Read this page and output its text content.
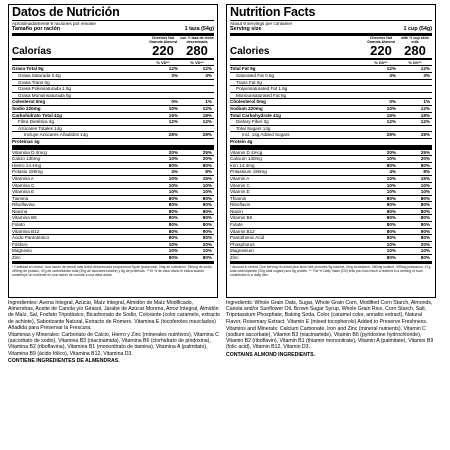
Datos de Nutrición
Aproximadamente 9 raciones por envase
Tamaño por ración	1 taza (54g)
Cheerios Nut Granola Almond
con ½ taza de leche descremada
Calorías	220 280
% VD**	% VD**
Grasa Total 9g	12%	12%
Grasa Saturada 0.5g	3%	3%
Grasa Trans 0g
Grasa Poliinsaturada 1.5g
Grasa Monoinsaturada 5g
Colesterol 0mg	0%	1%
Sodio 220mg	10%	12%
Carbohidrato Total 41g	15%	18%
Fibra Dietética 3g	12%	12%
Azúcares Totales 14g
Incluye Azúcares Añadidos 14g	28%	28%
Proteínas 4g
Vitamina D 4mcg	20%	25%
Calcio 130mg	10%	20%
Hierro 14.4mg	80%	80%
Potasio 190mg	4%	8%
Vitamina A	10%	15%
Vitamina C	10%	10%
Vitamina E	10%	10%
Tiamina	80%	80%
Riboflavina	80%	80%
Niacina	80%	80%
Vitamina B6	80%	80%
Folato	80%	80%
Vitamina B12	80%	90%
Ácido Pantoténico	80%	80%
Fósforo	10%	20%
Magnesio	10%	10%
Zinc	80%	80%
* Cantidad en cereal. Una ración de cereal más leche descremada proporciona 9g de grasa total, 0mg de colesterol, 280mg de sodio, 490mg de potasio, 47g de carbohidrato total (20g de azúcares totales) y 8g de proteínas. ** El % de valor diario le indica cuánto contribuye un nutriente en una ración de comida a una dieta diaria.
Nutrition Facts
About 9 servings per container
Serving size	1 cup (54g)
Cheerios Nut Granola Almond
with ½ cup skim milk
Calories	220 280
% DV**	% DV**
Total Fat 9g	12%	12%
Saturated Fat 0.5g	3%	3%
Trans Fat 0g
Polyunsaturated Fat 1.5g
Monounsaturated Fat 5g
Cholesterol 0mg	0%	1%
Sodium 220mg	10%	12%
Total Carbohydrate 41g	15%	18%
Dietary Fiber 3g	12%	12%
Total Sugars 14g
Incl. 14g Added Sugars	28%	28%
Protein 4g
Vitamin D 4mcg	20%	25%
Calcium 130mg	10%	20%
Iron 14.4mg	80%	80%
Potassium 190mg	4%	8%
Vitamin A	10%	15%
Vitamin C	10%	10%
Vitamin E	10%	10%
Thiamin	80%	80%
Riboflavin	80%	80%
Niacin	80%	80%
Vitamin B6	80%	80%
Folate	80%	80%
Vitamin B12	80%	90%
Pantothenic Acid	80%	80%
Phosphorus	10%	20%
Magnesium	10%	10%
Zinc	80%	80%
* Amount in cereal. One serving of cereal plus skim milk provides 9g total fat, 0mg cholesterol, 280mg sodium, 490mg potassium, 47g total carbohydrate (20g total sugars) and 8g protein. ** The % Daily Value (DV) tells you how much a nutrient in a serving of food contributes to a daily diet.

Ingredientes: Avena Integral, Azúcar, Maíz Integral, Almidón de Maíz Modificado, Almendras, Aceite de Canola y/o Girasol, Jarabe de Azúcar Morena, Arroz Integral, Almidón de Maíz, Sal, Fosfato Tripotásico, Bicarbonato de Sodio, Colorante (color caramelo, extracto de achiote), Saborizante Natural, Extracto de Romero. Vitamina E (tocoferoles mezclados) Añadida para Preservar la Frescura.

Vitaminas y Minerales: Carbonato de Calcio, Hierro y Zinc (minerales nutritivos), Vitamina C (ascorbato de sodio), Vitamina B3 (niacinamida), Vitamina B6 (clorhidrato de piridoxina), Vitamina B2 (riboflavina), Vitamina B1 (mononitrato de tiamina), Vitamina A (palmitato), Vitamina B9 (ácido fólico), Vitamina B12, Vitamina D3.

CONTIENE INGREDIENTES DE ALMENDRAS.

Ingredients: Whole Grain Oats, Sugar, Whole Grain Corn, Modified Corn Starch, Almonds, Canola and/or Sunflower Oil, Brown Sugar Syrup, Whole Grain Rice, Corn Starch, Salt, Tripotassium Phosphate, Baking Soda, Color (caramel color, annatto extract), Natural Flavor, Rosemary Extract. Vitamin E (mixed tocopherols) Added to Preserve Freshness.

Vitamins and Minerals: Calcium Carbonate, Iron and Zinc (mineral nutrients), Vitamin C (sodium ascorbate), Vitamin B3 (niacinamide), Vitamin B6 (pyridoxine hydrochloride), Vitamin B2 (riboflavin), Vitamin B1 (thiamin mononitrate), Vitamin A (palmitate), Vitamin B9 (folic acid), Vitamin B12, Vitamin D3.

CONTAINS ALMOND INGREDIENTS.
